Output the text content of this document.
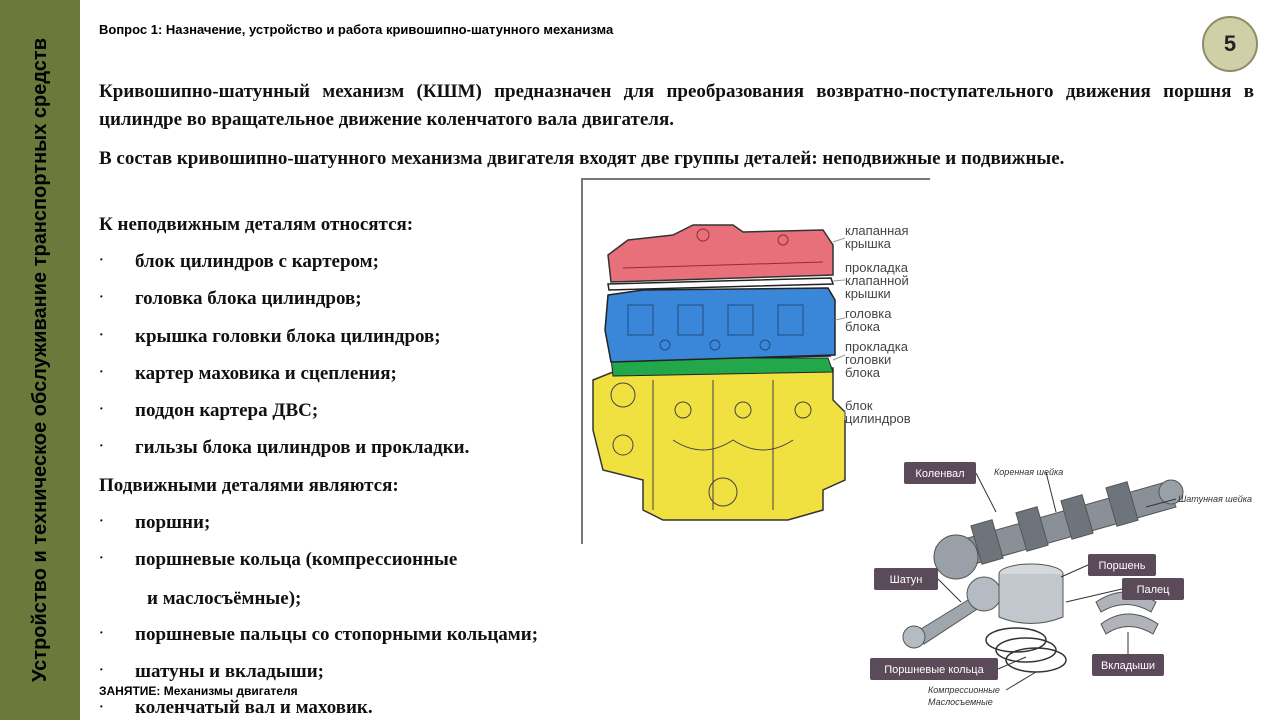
Устройство и техническое обслуживание транспортных средств
Вопрос 1: Назначение, устройство и работа кривошипно-шатунного механизма
5
Кривошипно-шатунный механизм (КШМ) предназначен для преобразования возвратно-поступательного движения поршня в цилиндре во вращательное движение коленчатого вала двигателя.
В состав кривошипно-шатунного механизма двигателя входят две группы деталей: неподвижные и подвижные.
клапанная
крышка
прокладка
клапанной
крышки
головка
блока
прокладка
головки
блока
блок
цилиндров
Коленвал
Шатун
Поршень
Палец
Вкладыши
Поршневые кольца
Коренная шейка
Шатунная шейка
Компрессионные
Маслосъемные
К неподвижным деталям относятся:
· блок цилиндров с картером;
· головка блока цилиндров;
· крышка головки блока цилиндров;
· картер маховика и сцепления;
· поддон картера ДВС;
· гильзы блока цилиндров и прокладки.
Подвижными деталями являются:
· поршни;
· поршневые кольца (компрессионные
и маслосъёмные);
· поршневые пальцы со стопорными кольцами;
· шатуны и вкладыши;
· коленчатый вал и маховик.
ЗАНЯТИЕ: Механизмы двигателя
